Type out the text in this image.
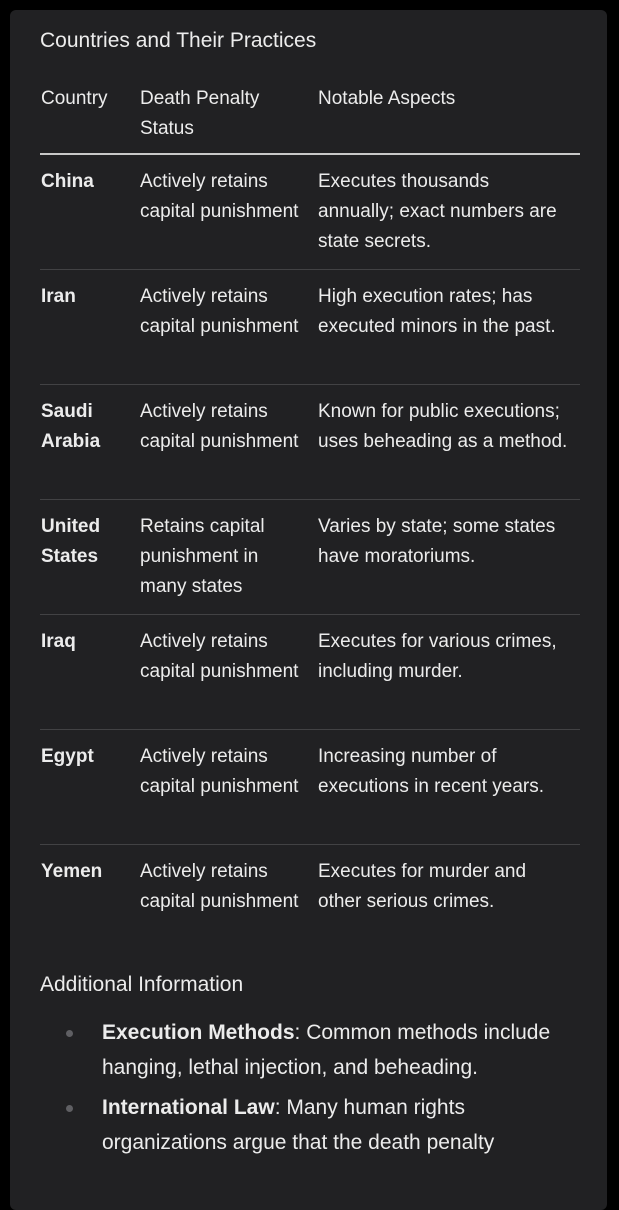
Countries and Their Practices
Country	Death Penalty Status	Notable Aspects
China	Actively retains capital punishment	Executes thousands annually; exact numbers are state secrets.
Iran	Actively retains capital punishment	High execution rates; has executed minors in the past.
Saudi Arabia	Actively retains capital punishment	Known for public executions; uses beheading as a method.
United States	Retains capital punishment in many states	Varies by state; some states have moratoriums.
Iraq	Actively retains capital punishment	Executes for various crimes, including murder.
Egypt	Actively retains capital punishment	Increasing number of executions in recent years.
Yemen	Actively retains capital punishment	Executes for murder and other serious crimes.
Additional Information
Execution Methods: Common methods include hanging, lethal injection, and beheading.
International Law: Many human rights organizations argue that the death penalty
